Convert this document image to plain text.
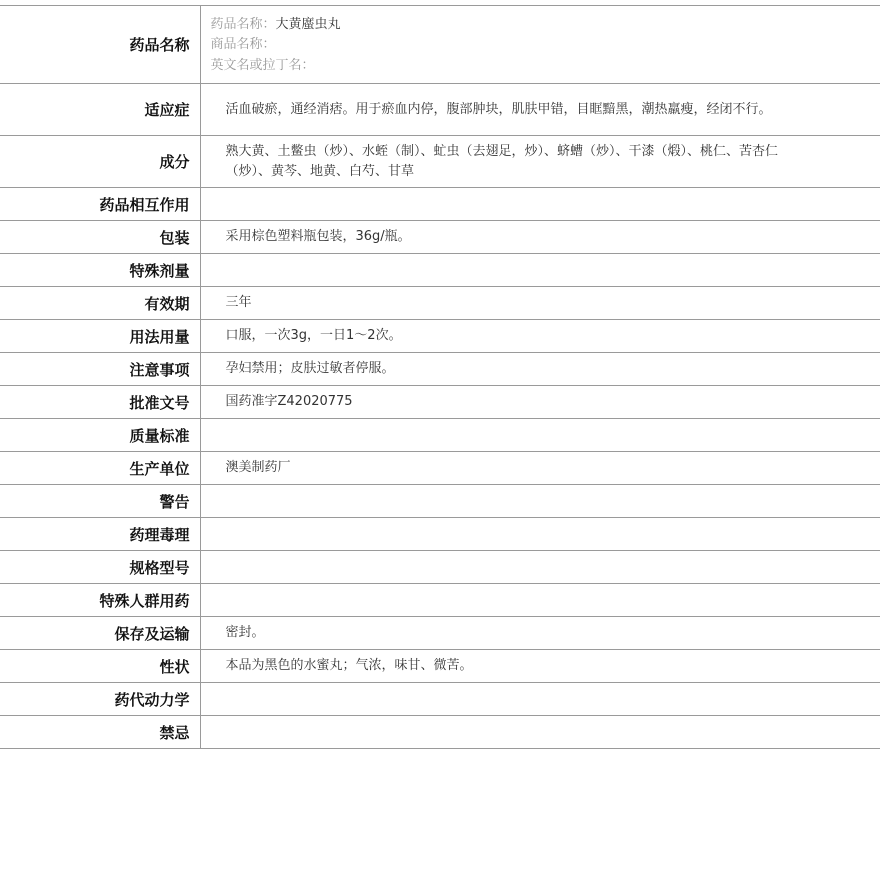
药品名称	药品名称：大黄䗪虫丸
商品名称：
英文名或拉丁名：

适应症	活血破瘀，通经消痞。用于瘀血内停，腹部肿块，肌肤甲错，目眶黯黑，潮热羸瘦，经闭不行。
成分	熟大黄、土鳖虫（炒）、水蛭（制）、虻虫（去翅足，炒）、蛴螬（炒）、干漆（煅）、桃仁、苦杏仁（炒）、黄芩、地黄、白芍、甘草
药品相互作用	
包装	采用棕色塑料瓶包装，36g/瓶。
特殊剂量	
有效期	三年
用法用量	口服，一次3g，一日1～2次。
注意事项	孕妇禁用；皮肤过敏者停服。
批准文号	国药准字Z42020775
质量标准	
生产单位	澳美制药厂
警告	
药理毒理	
规格型号	
特殊人群用药	
保存及运输	密封。
性状	本品为黑色的水蜜丸；气浓，味甘、微苦。
药代动力学	
禁忌	
